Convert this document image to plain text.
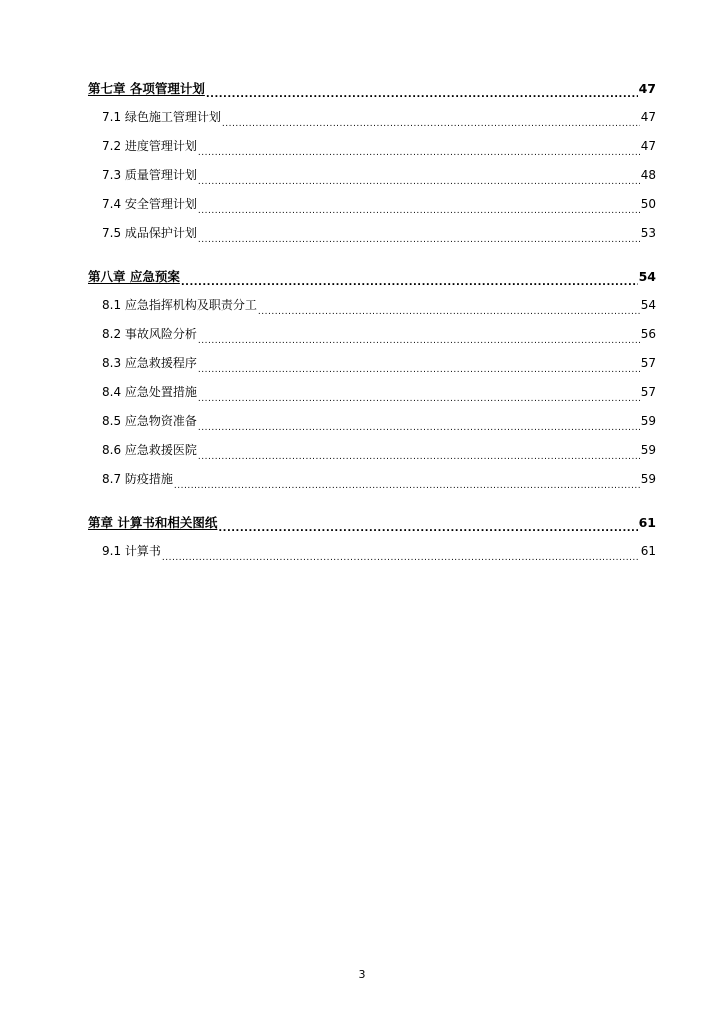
第七章 各项管理计划 .....	47
7.1 绿色施工管理计划 .....	47
7.2 进度管理计划 .....	47
7.3 质量管理计划 .....	48
7.4 安全管理计划 .....	50
7.5 成品保护计划 .....	53
第八章 应急预案 .....	54
8.1 应急指挥机构及职责分工 .....	54
8.2 事故风险分析 .....	56
8.3 应急救援程序 .....	57
8.4 应急处置措施 .....	57
8.5 应急物资准备 .....	59
8.6 应急救援医院 .....	59
8.7 防疫措施 .....	59
第章 计算书和相关图纸 .....	61
9.1 计算书 .....	61
3
